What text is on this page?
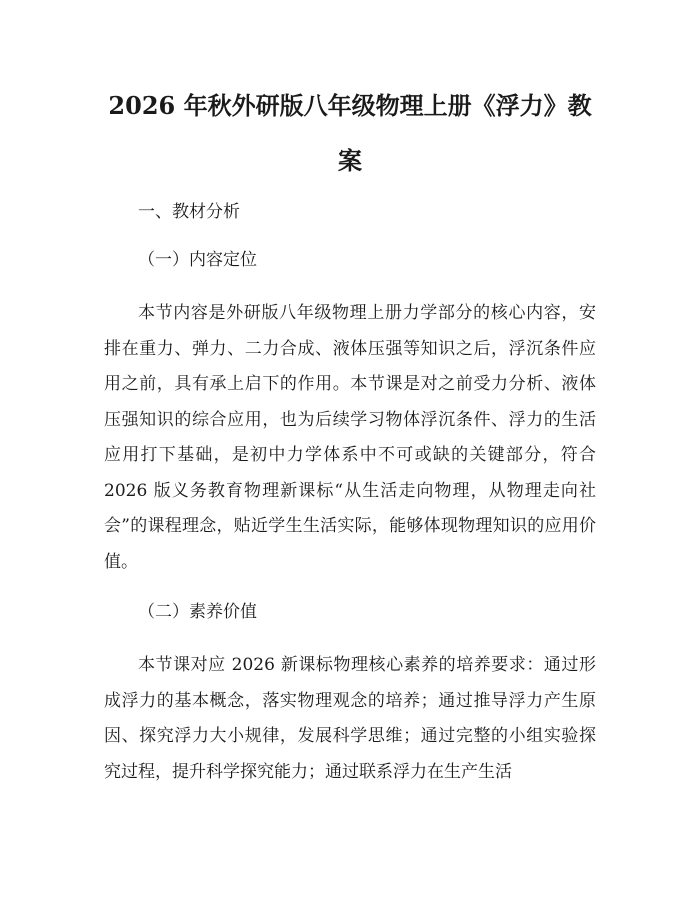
2026 年秋外研版八年级物理上册《浮力》教案

一、教材分析

（一）内容定位

本节内容是外研版八年级物理上册力学部分的核心内容，安排在重力、弹力、二力合成、液体压强等知识之后，浮沉条件应用之前，具有承上启下的作用。本节课是对之前受力分析、液体压强知识的综合应用，也为后续学习物体浮沉条件、浮力的生活应用打下基础，是初中力学体系中不可或缺的关键部分，符合 2026 版义务教育物理新课标“从生活走向物理，从物理走向社会”的课程理念，贴近学生生活实际，能够体现物理知识的应用价值。

（二）素养价值

本节课对应 2026 新课标物理核心素养的培养要求：通过形成浮力的基本概念，落实物理观念的培养；通过推导浮力产生原因、探究浮力大小规律，发展科学思维；通过完整的小组实验探究过程，提升科学探究能力；通过联系浮力在生产生活
